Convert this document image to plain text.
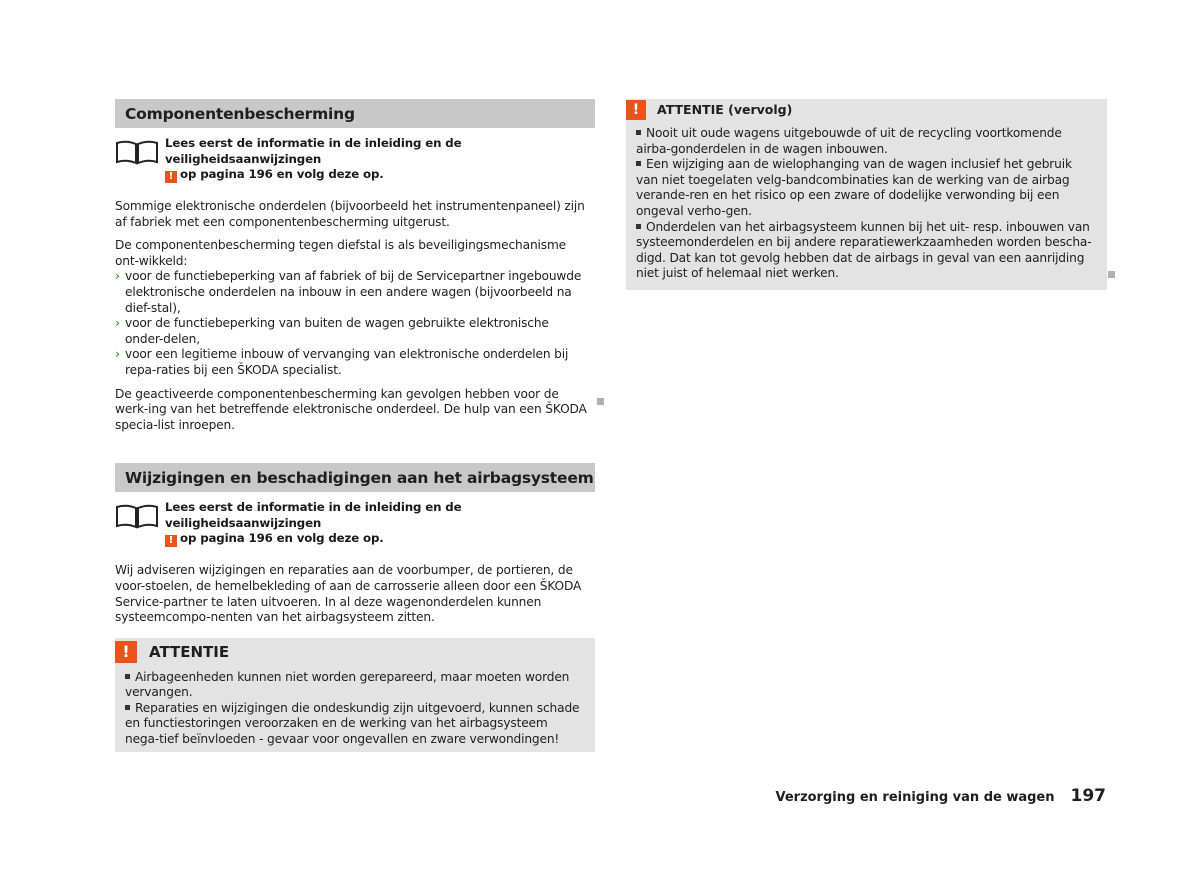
Componentenbescherming
Lees eerst de informatie in de inleiding en de veiligheidsaanwijzingen
! op pagina 196 en volg deze op.

Sommige elektronische onderdelen (bijvoorbeeld het instrumentenpaneel) zijn af fabriek met een componentenbescherming uitgerust.

De componentenbescherming tegen diefstal is als beveiligingsmechanisme ont-wikkeld:

› voor de functiebeperking van af fabriek of bij de Servicepartner ingebouwde elektronische onderdelen na inbouw in een andere wagen (bijvoorbeeld na dief-stal),
› voor de functiebeperking van buiten de wagen gebruikte elektronische onder-delen,
› voor een legitieme inbouw of vervanging van elektronische onderdelen bij repa-raties bij een ŠKODA specialist.

De geactiveerde componentenbescherming kan gevolgen hebben voor de werk-ing van het betreffende elektronische onderdeel. De hulp van een ŠKODA specia-list inroepen.

Wijzigingen en beschadigingen aan het airbagsysteem
Lees eerst de informatie in de inleiding en de veiligheidsaanwijzingen
! op pagina 196 en volg deze op.

Wij adviseren wijzigingen en reparaties aan de voorbumper, de portieren, de voor-stoelen, de hemelbekleding of aan de carrosserie alleen door een ŠKODA Service-partner te laten uitvoeren. In al deze wagenonderdelen kunnen systeemcompo-nenten van het airbagsysteem zitten.

!	ATTENTIE
Airbageenheden kunnen niet worden gerepareerd, maar moeten worden vervangen.
Reparaties en wijzigingen die ondeskundig zijn uitgevoerd, kunnen schade en functiestoringen veroorzaken en de werking van het airbagsysteem nega-tief beïnvloeden - gevaar voor ongevallen en zware verwondingen!
!	ATTENTIE (vervolg)
Nooit uit oude wagens uitgebouwde of uit de recycling voortkomende airba-gonderdelen in de wagen inbouwen.
Een wijziging aan de wielophanging van de wagen inclusief het gebruik van niet toegelaten velg-bandcombinaties kan de werking van de airbag verande-ren en het risico op een zware of dodelijke verwonding bij een ongeval verho-gen.
Onderdelen van het airbagsysteem kunnen bij het uit- resp. inbouwen van systeemonderdelen en bij andere reparatiewerkzaamheden worden bescha-digd. Dat kan tot gevolg hebben dat de airbags in geval van een aanrijding niet juist of helemaal niet werken.
Verzorging en reiniging van de wagen 197
